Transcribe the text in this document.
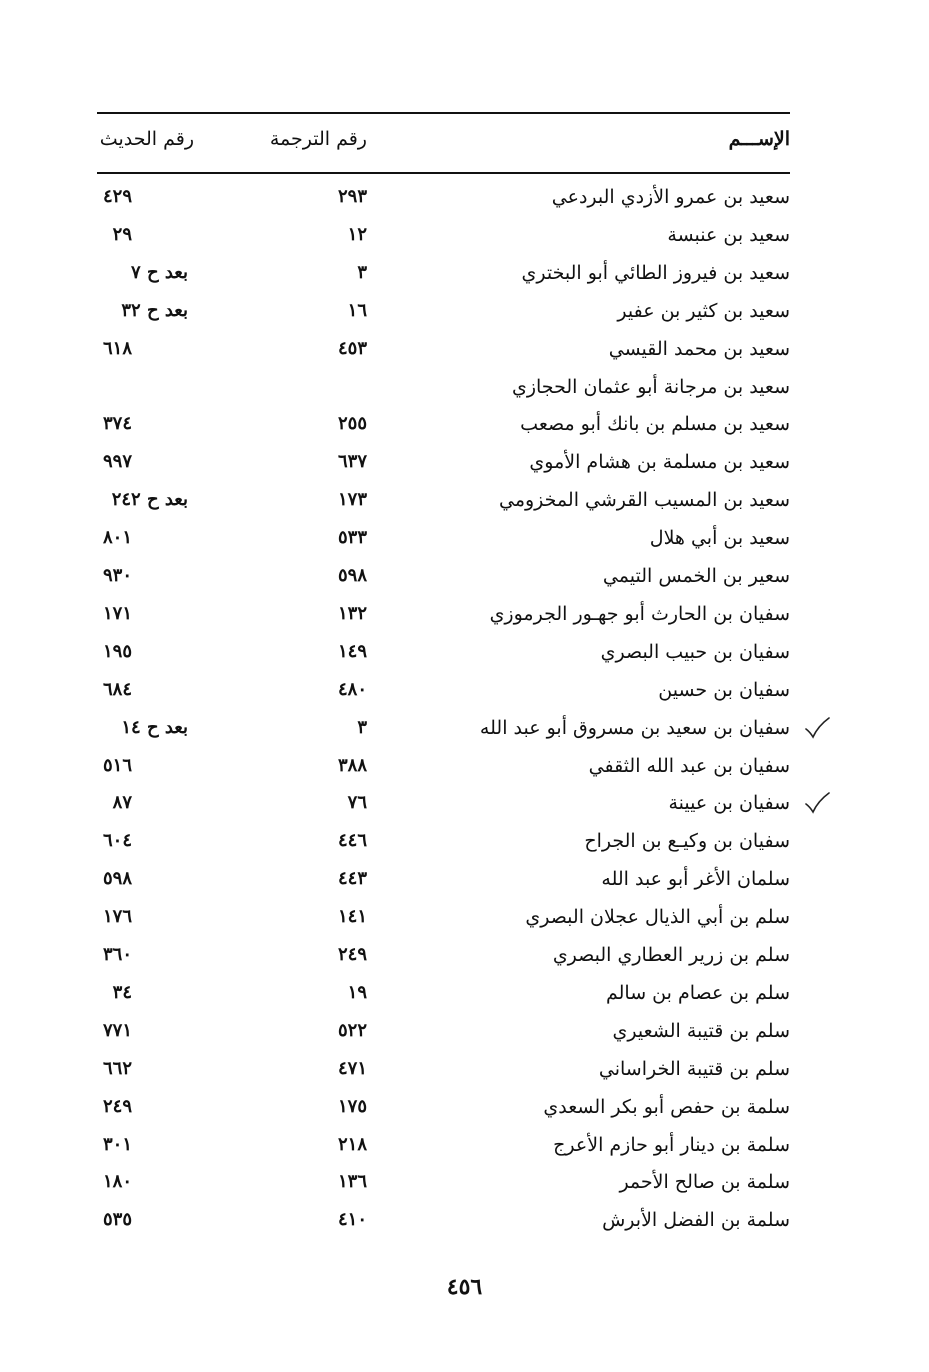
الإســـم
رقم الترجمة
رقم الحديث
سعيد بن عمرو الأزدي البردعي
٢٩٣
٤٢٩
سعيد بن عنبسة
١٢
٢٩
سعيد بن فيروز الطائي أبو البختري
٣
بعد ح ٧
سعيد بن كثير بن عفير
١٦
بعد ح ٣٢
سعيد بن محمد القيسي
٤٥٣
٦١٨
سعيد بن مرجانة أبو عثمان الحجازي
سعيد بن مسلم بن بانك أبو مصعب
٢٥٥
٣٧٤
سعيد بن مسلمة بن هشام الأموي
٦٣٧
٩٩٧
سعيد بن المسيب القرشي المخزومي
١٧٣
بعد ح ٢٤٢
سعيد بن أبي هلال
٥٣٣
٨٠١
سعير بن الخمس التيمي
٥٩٨
٩٣٠
سفيان بن الحارث أبو جهـور الجرموزي
١٣٢
١٧١
سفيان بن حبيب البصري
١٤٩
١٩٥
سفيان بن حسين
٤٨٠
٦٨٤
سفيان بن سعيد بن مسروق أبو عبد الله
٣
بعد ح ١٤
سفيان بن عبد الله الثقفي
٣٨٨
٥١٦
سفيان بن عيينة
٧٦
٨٧
سفيان بن وكيـع بن الجراح
٤٤٦
٦٠٤
سلمان الأغر أبو عبد الله
٤٤٣
٥٩٨
سلم بن أبي الذيال عجلان البصري
١٤١
١٧٦
سلم بن زرير العطاري البصري
٢٤٩
٣٦٠
سلم بن عصام بن سالم
١٩
٣٤
سلم بن قتيبة الشعيري
٥٢٢
٧٧١
سلم بن قتيبة الخراساني
٤٧١
٦٦٢
سلمة بن حفص أبو بكر السعدي
١٧٥
٢٤٩
سلمة بن دينار أبو حازم الأعرج
٢١٨
٣٠١
سلمة بن صالح الأحمر
١٣٦
١٨٠
سلمة بن الفضل الأبرش
٤١٠
٥٣٥
٤٥٦
